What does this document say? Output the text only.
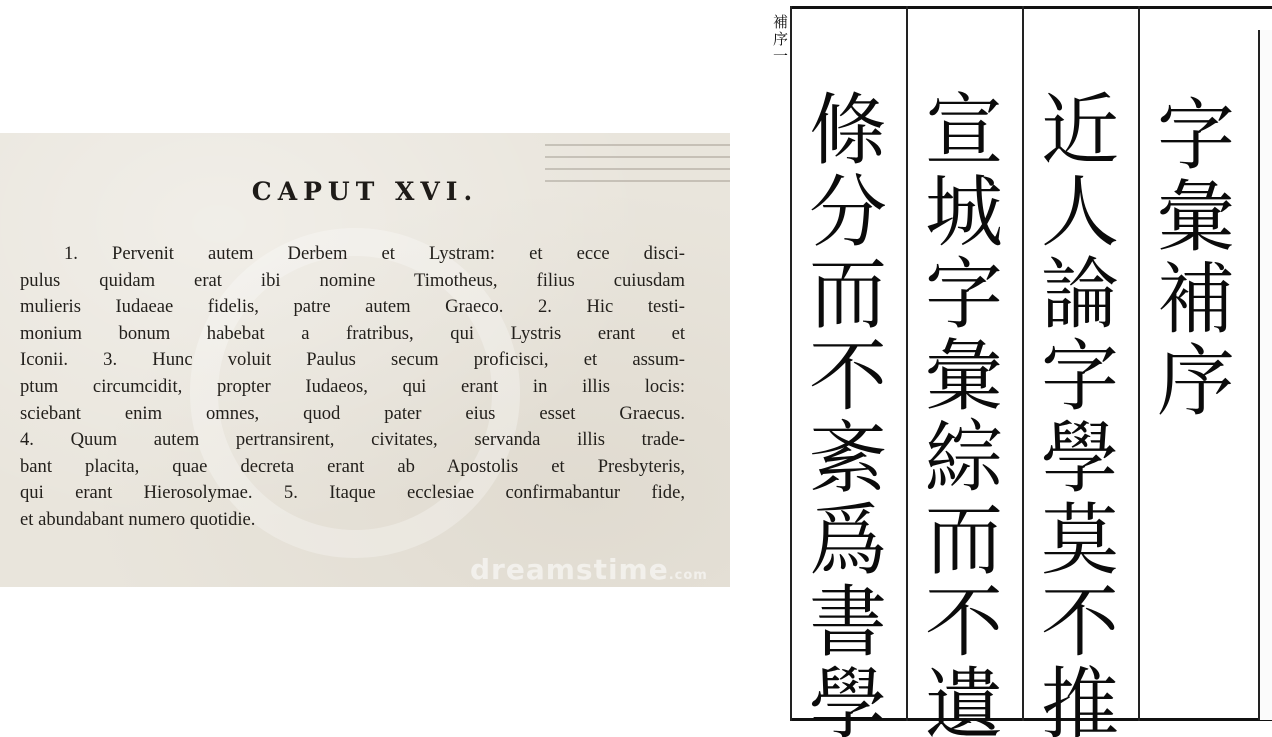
CAPUT XVI.
1. Pervenit autem Derbem et Lystram: et ecce disci-
pulus quidam erat ibi nomine Timotheus, filius cuiusdam
mulieris Iudaeae fidelis, patre autem Graeco. 2. Hic testi-
monium bonum habebat a fratribus, qui Lystris erant et
Iconii. 3. Hunc voluit Paulus secum proficisci, et assum-
ptum circumcidit, propter Iudaeos, qui erant in illis locis:
sciebant enim omnes, quod pater eius esset Graecus.
4. Quum autem pertransirent, civitates, servanda illis trade-
bant placita, quae decreta erant ab Apostolis et Presbyteris,
qui erant Hierosolymae. 5. Itaque ecclesiae confirmabantur fide,
et abundabant numero quotidie.
dreamstime.com
補序一
條
分
而
不
紊
爲
書
學
宣
城
字
彙
綜
而
不
遺
近
人
論
字
學
莫
不
推
字
彙
補
序
